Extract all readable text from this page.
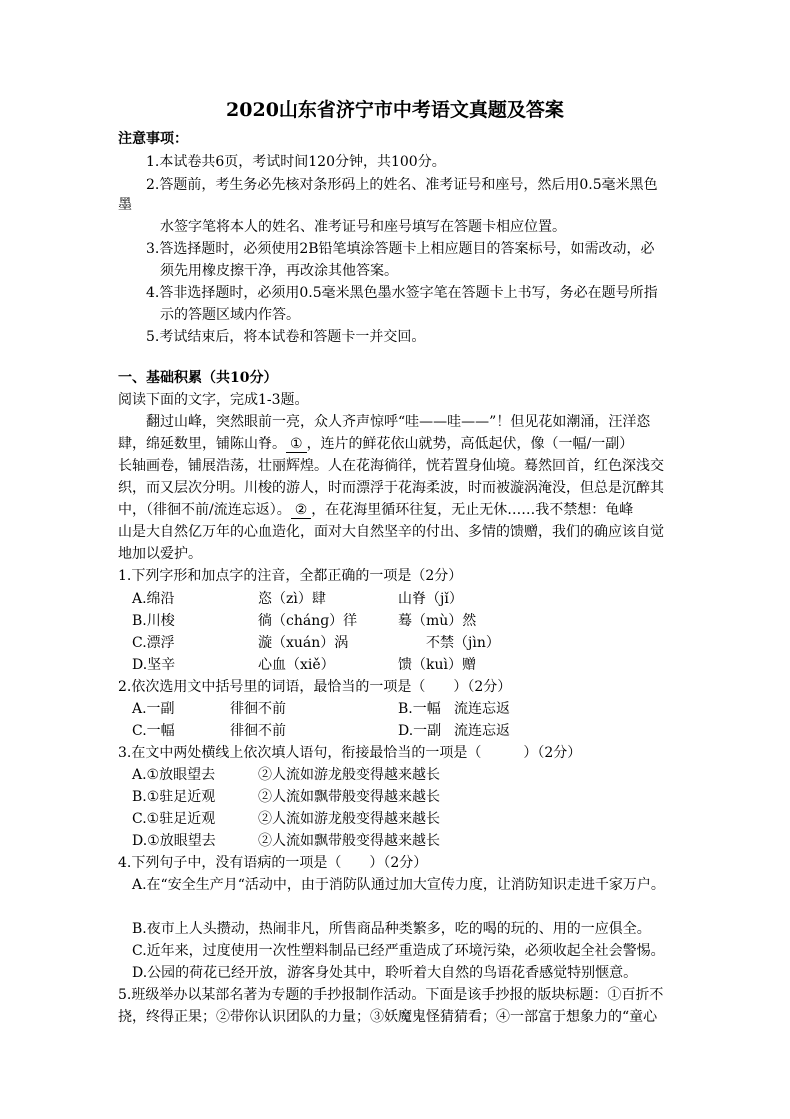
2020山东省济宁市中考语文真题及答案
注意事项：
1.本试卷共6页，考试时间120分钟，共100分。
2.答题前，考生务必先核对条形码上的姓名、准考证号和座号，然后用0.5毫米黑色
墨
水签字笔将本人的姓名、准考证号和座号填写在答题卡相应位置。
3.答选择题时，必须使用2B铅笔填涂答题卡上相应题目的答案标号，如需改动，必
须先用橡皮擦干净，再改涂其他答案。
4.答非选择题时，必须用0.5毫米黑色墨水签字笔在答题卡上书写，务必在题号所指
示的答题区域内作答。
5.考试结束后，将本试卷和答题卡一并交回。
一、基础积累（共10分）
阅读下面的文字，完成1-3题。
翻过山峰，突然眼前一亮，众人齐声惊呼“哇——哇——”！但见花如潮涌，汪洋恣
肆，绵延数里，铺陈山脊。 ① ，连片的鲜花依山就势，高低起伏，像（一幅/一副）
长轴画卷，铺展浩荡，壮丽辉煌。人在花海徜徉，恍若置身仙境。蓦然回首，红色深浅交
织，而又层次分明。川梭的游人，时而漂浮于花海柔波，时而被漩涡淹没，但总是沉醉其
中，（徘徊不前/流连忘返）。 ② ，在花海里循环往复，无止无休……我不禁想：龟峰
山是大自然亿万年的心血造化，面对大自然坚辛的付出、多情的馈赠，我们的确应该自觉
地加以爱护。
1.下列字形和加点字的注音，全都正确的一项是（2分）
A.绵沿	恣（zì）肆	山脊（jǐ）
B.川梭	徜（chánɡ）徉	蓦（mù）然
C.漂浮	漩（xuán）涡	不禁（jìn）
D.坚辛	心血（xiě）	馈（kuì）赠
2.依次选用文中括号里的词语，最恰当的一项是（　　）（2分）
A.一副	徘徊不前	B.一幅 流连忘返
C.一幅	徘徊不前	D.一副 流连忘返
3.在文中两处横线上依次填人语句，衔接最恰当的一项是（　　　）（2分）
A.①放眼望去	②人流如游龙般变得越来越长
B.①驻足近观	②人流如飘带般变得越来越长
C.①驻足近观	②人流如游龙般变得越来越长
D.①放眼望去	②人流如飘带般变得越来越长
4.下列句子中，没有语病的一项是（　　）（2分）
A.在“安全生产月“活动中，由于消防队通过加大宣传力度，让消防知识走进千家万户。
B.夜市上人头攒动，热闹非凡，所售商品种类繁多，吃的喝的玩的、用的一应俱全。
C.近年来，过度使用一次性塑料制品已经严重造成了环境污染，必须收起全社会警惕。
D.公园的荷花已经开放，游客身处其中，聆听着大自然的鸟语花香感觉特别惬意。
5.班级举办以某部名著为专题的手抄报制作活动。下面是该手抄报的版块标题：①百折不
挠，终得正果；②带你认识团队的力量；③妖魔鬼怪猜猜看；④一部富于想象力的“童心
